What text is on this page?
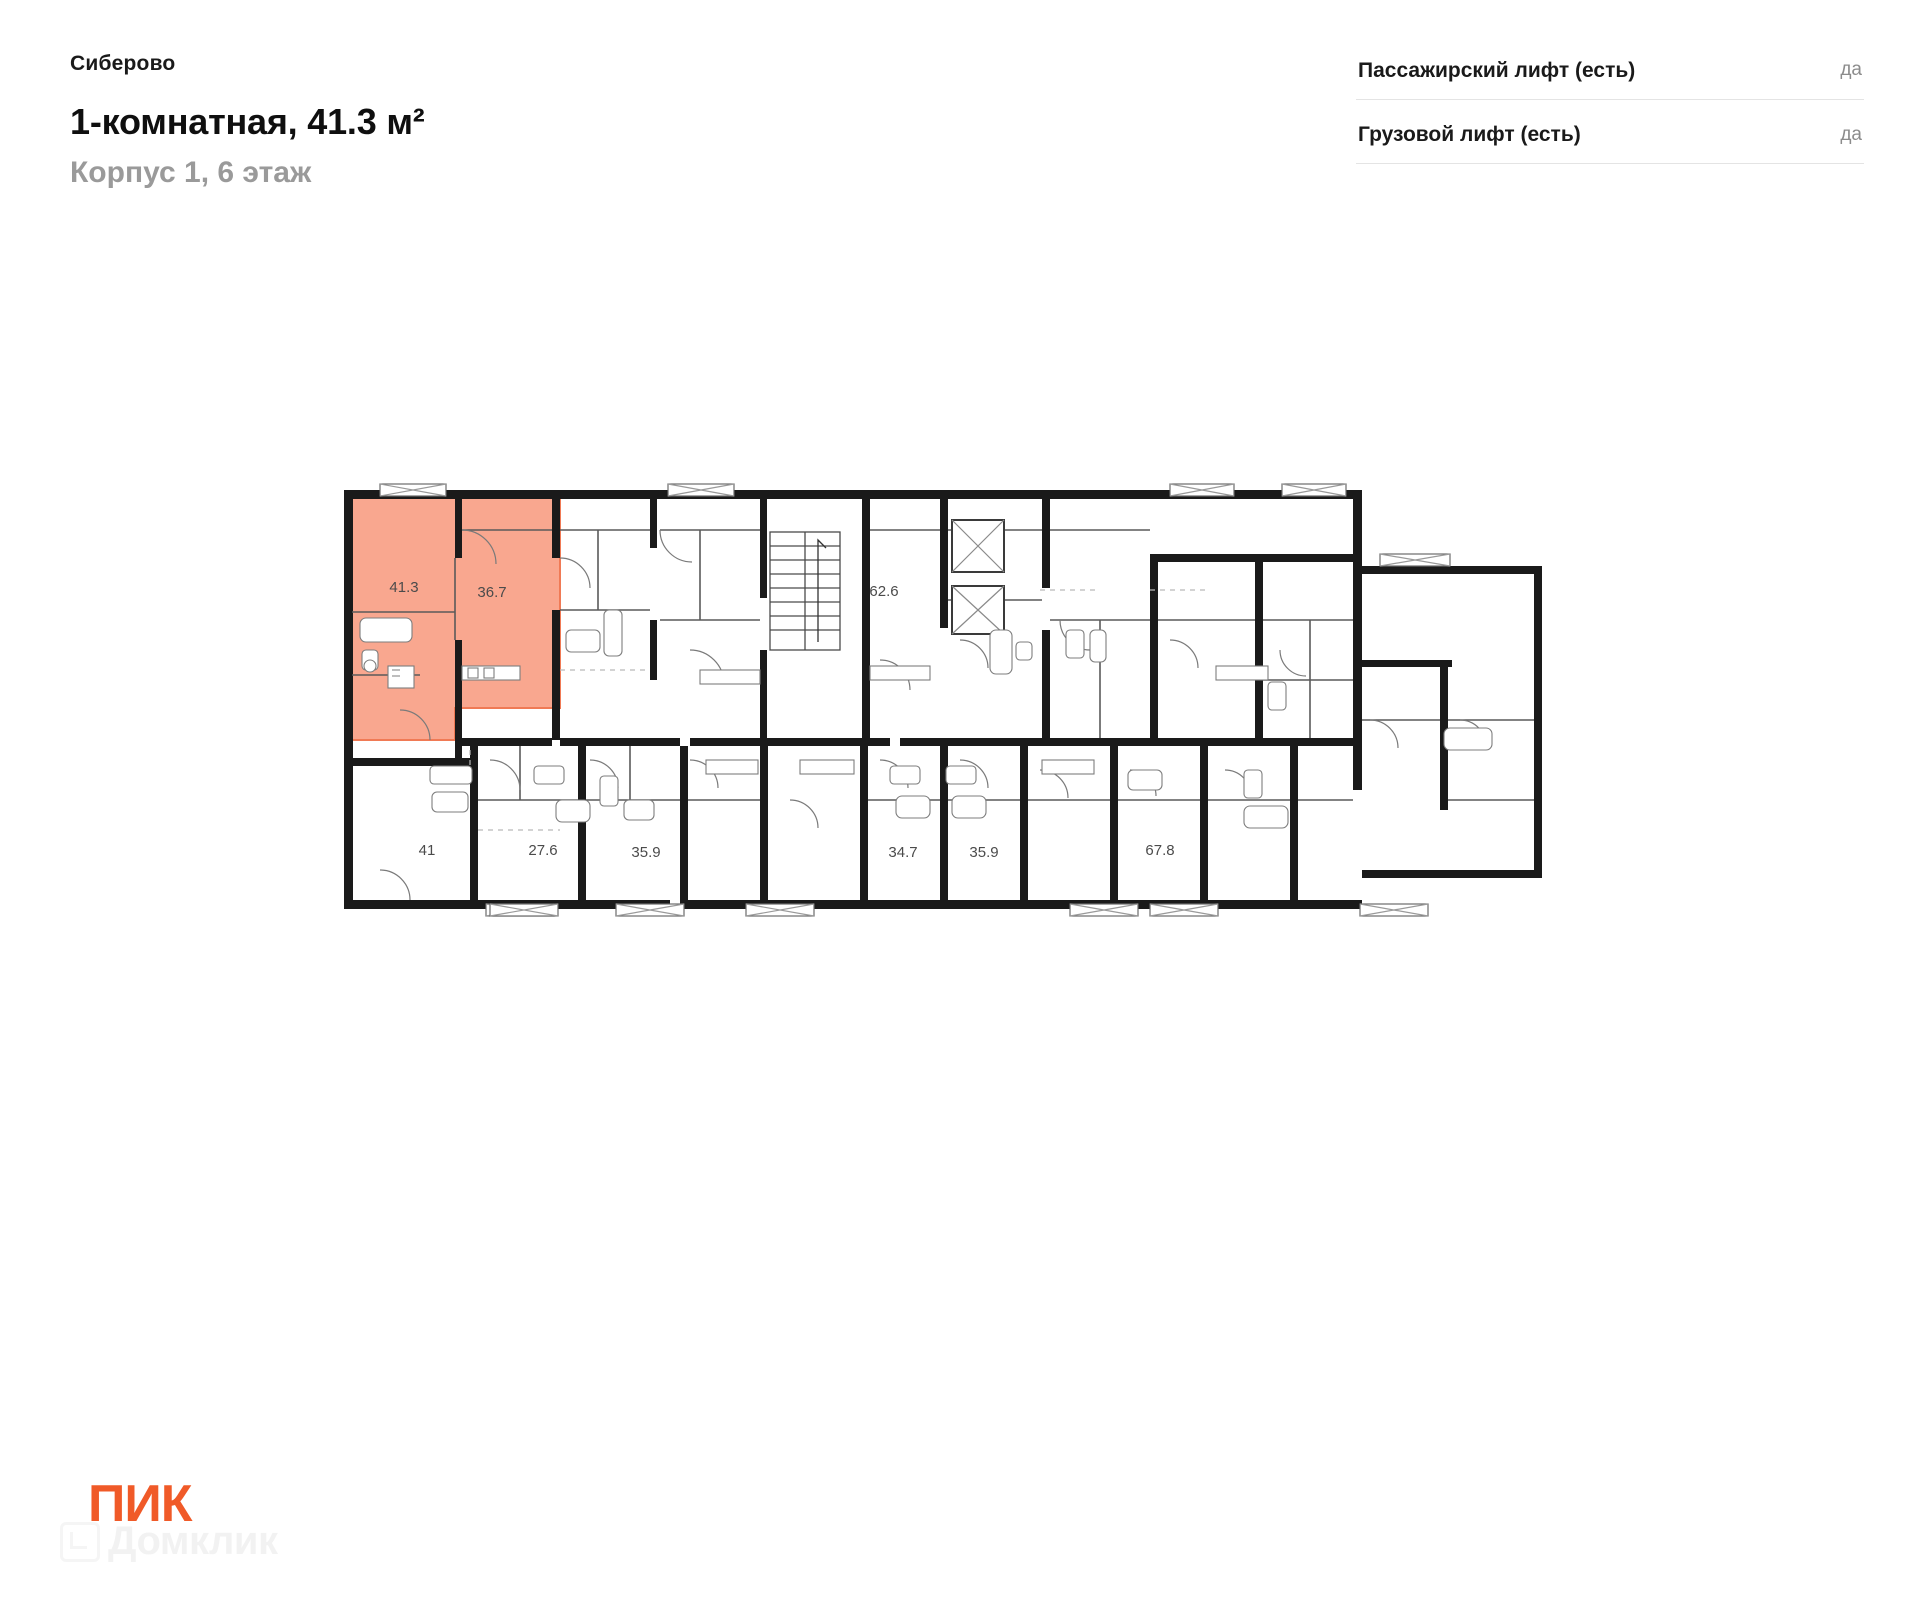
Сиберово
1-комнатная, 41.3 м²
Корпус 1, 6 этаж
Пассажирский лифт (есть)	да
Грузовой лифт (есть)	да
41.3	36.7	62.6
41	27.6	35.9	34.7	35.9	67.8
ПИК
Домклик
